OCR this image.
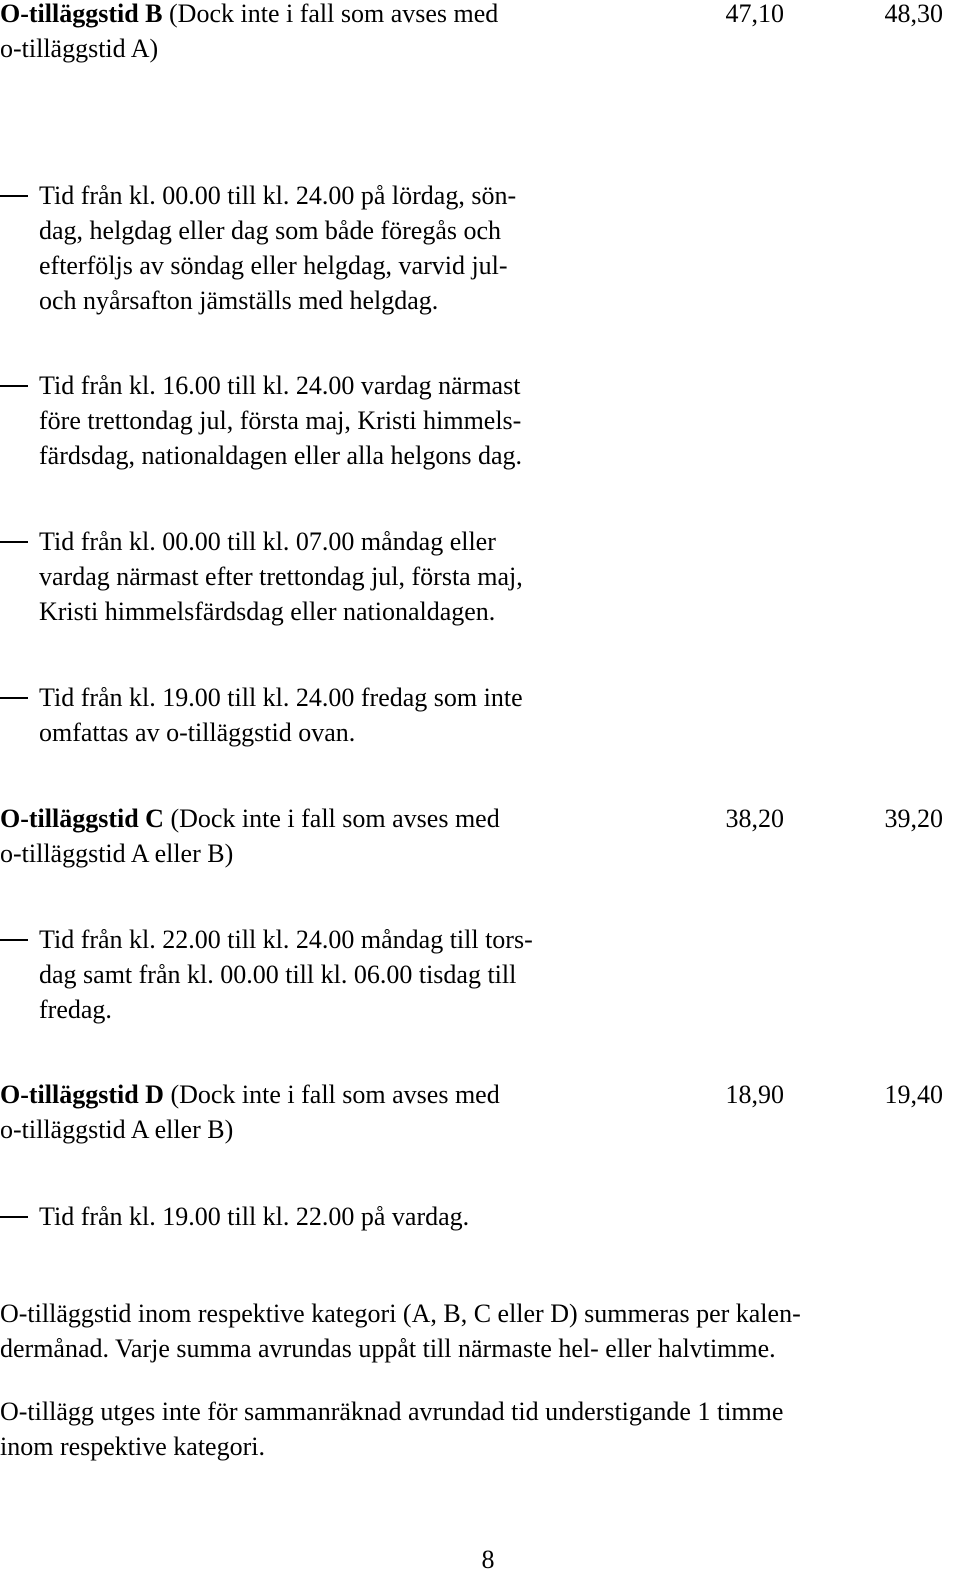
O-tilläggstid B (Dock inte i fall som avses med
o-tilläggstid A)
47,10	48,30
Tid från kl. 00.00 till kl. 24.00 på lördag, sön-
dag, helgdag eller dag som både föregås och
efterföljs av söndag eller helgdag, varvid jul-
och nyårsafton jämställs med helgdag.
Tid från kl. 16.00 till kl. 24.00 vardag närmast
före trettondag jul, första maj, Kristi himmels-
färdsdag, nationaldagen eller alla helgons dag.
Tid från kl. 00.00 till kl. 07.00 måndag eller
vardag närmast efter trettondag jul, första maj,
Kristi himmelsfärdsdag eller nationaldagen.
Tid från kl. 19.00 till kl. 24.00 fredag som inte
omfattas av o-tilläggstid ovan.
O-tilläggstid C (Dock inte i fall som avses med
o-tilläggstid A eller B)
38,20	39,20
Tid från kl. 22.00 till kl. 24.00 måndag till tors-
dag samt från kl. 00.00 till kl. 06.00 tisdag till
fredag.
O-tilläggstid D (Dock inte i fall som avses med
o-tilläggstid A eller B)
18,90	19,40
Tid från kl. 19.00 till kl. 22.00 på vardag.
O-tilläggstid inom respektive kategori (A, B, C eller D) summeras per kalen-
dermånad. Varje summa avrundas uppåt till närmaste hel- eller halvtimme.
O-tillägg utges inte för sammanräknad avrundad tid understigande 1 timme
inom respektive kategori.
8
